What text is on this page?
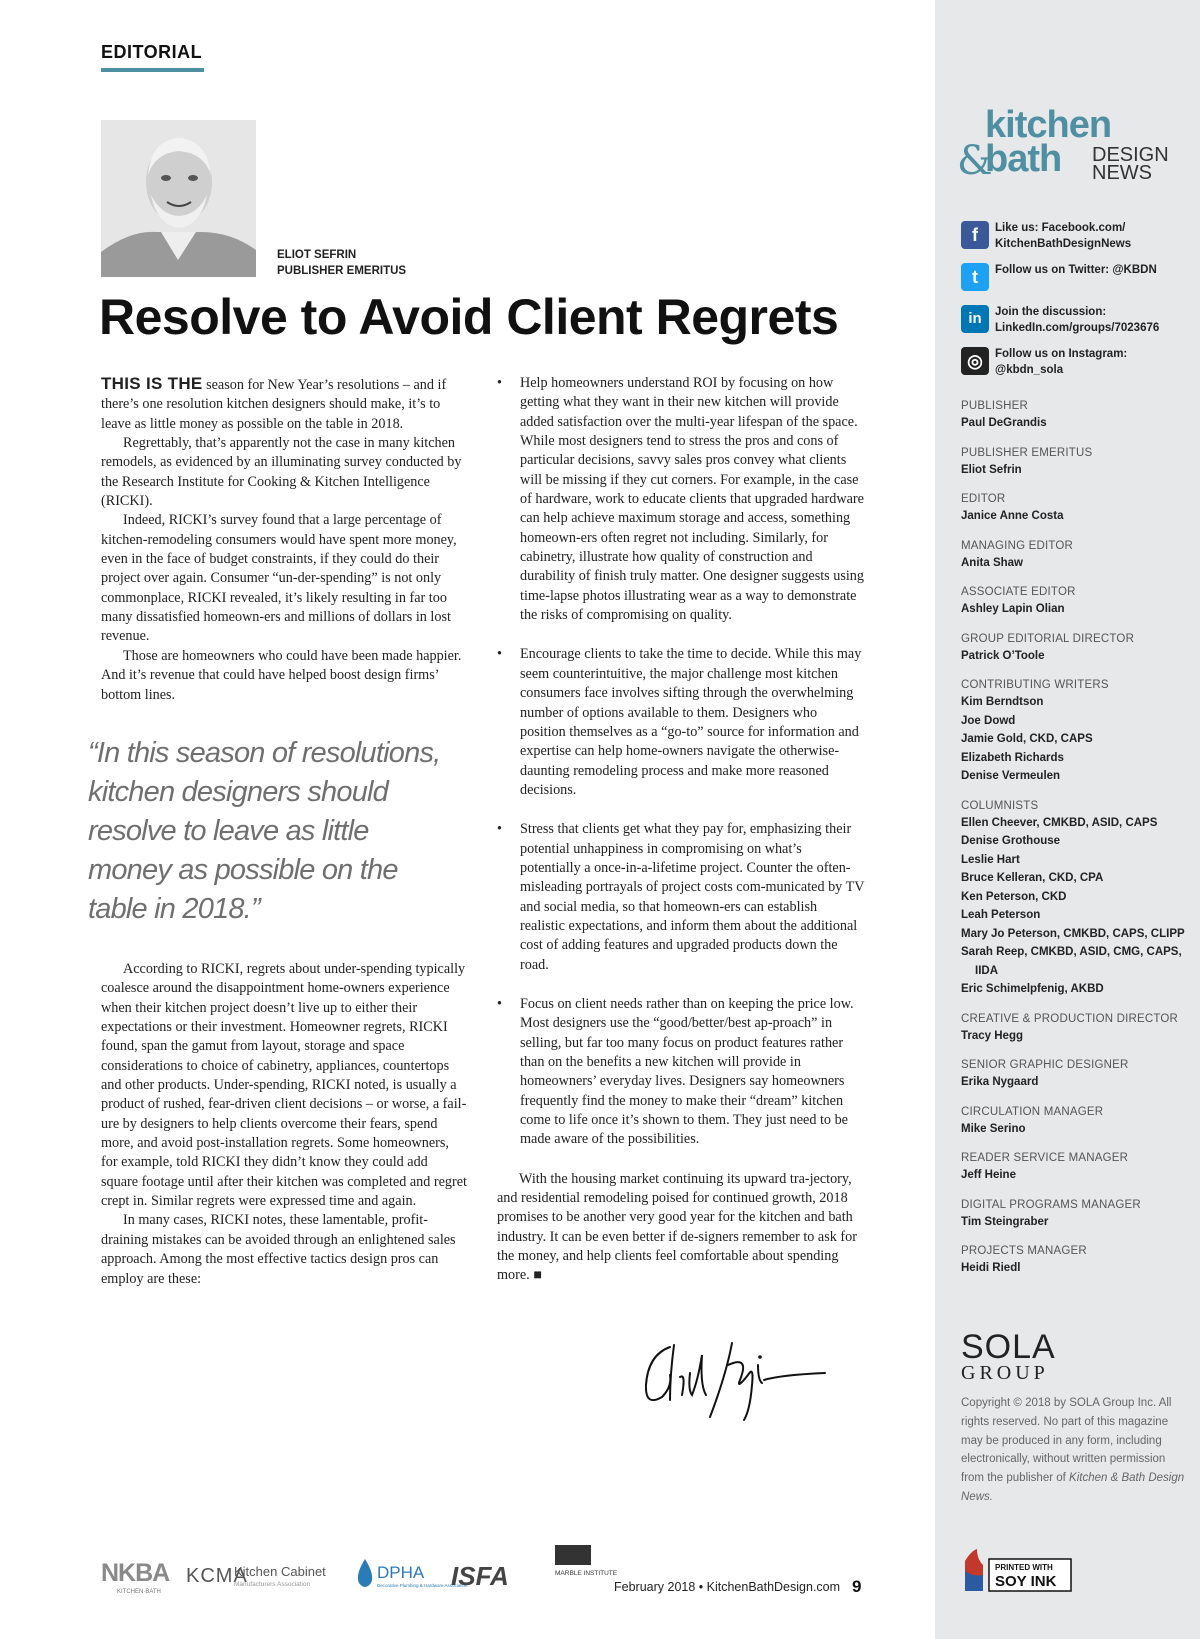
EDITORIAL
ELIOT SEFRIN
PUBLISHER EMERITUS
Resolve to Avoid Client Regrets

THIS IS THE season for New Year’s resolutions – and if there’s one resolution kitchen designers should make, it’s to leave as little money as possible on the table in 2018.

Regrettably, that’s apparently not the case in many kitchen remodels, as evidenced by an illuminating survey conducted by the Research Institute for Cooking & Kitchen Intelligence (RICKI).

Indeed, RICKI’s survey found that a large percentage of kitchen-remodeling consumers would have spent more money, even in the face of budget constraints, if they could do their project over again. Consumer “un-der-spending” is not only commonplace, RICKI revealed, it’s likely resulting in far too many dissatisfied homeown-ers and millions of dollars in lost revenue.

Those are homeowners who could have been made happier. And it’s revenue that could have helped boost design firms’ bottom lines.

“In this season of resolutions, kitchen designers should resolve to leave as little money as possible on the table in 2018.”

According to RICKI, regrets about under-spending typically coalesce around the disappointment home-owners experience when their kitchen project doesn’t live up to either their expectations or their investment. Homeowner regrets, RICKI found, span the gamut from layout, storage and space considerations to choice of cabinetry, appliances, countertops and other products. Under-spending, RICKI noted, is usually a product of rushed, fear-driven client decisions – or worse, a fail-ure by designers to help clients overcome their fears, spend more, and avoid post-installation regrets. Some homeowners, for example, told RICKI they didn’t know they could add square footage until after their kitchen was completed and regret crept in. Similar regrets were expressed time and again.

In many cases, RICKI notes, these lamentable, profit-draining mistakes can be avoided through an enlightened sales approach. Among the most effective tactics design pros can employ are these:

• Help homeowners understand ROI by focusing on how getting what they want in their new kitchen will provide added satisfaction over the multi-year lifespan of the space. While most designers tend to stress the pros and cons of particular decisions, savvy sales pros convey what clients will be missing if they cut corners. For example, in the case of hardware, work to educate clients that upgraded hardware can help achieve maximum storage and access, something homeown-ers often regret not including. Similarly, for cabinetry, illustrate how quality of construction and durability of finish truly matter. One designer suggests using time-lapse photos illustrating wear as a way to demonstrate the risks of compromising on quality.
• Encourage clients to take the time to decide. While this may seem counterintuitive, the major challenge most kitchen consumers face involves sifting through the overwhelming number of options available to them. Designers who position themselves as a “go-to” source for information and expertise can help home-owners navigate the otherwise-daunting remodeling process and make more reasoned decisions.
• Stress that clients get what they pay for, emphasizing their potential unhappiness in compromising on what’s potentially a once-in-a-lifetime project. Counter the often-misleading portrayals of project costs com-municated by TV and social media, so that homeown-ers can establish realistic expectations, and inform them about the additional cost of adding features and upgraded products down the road.
• Focus on client needs rather than on keeping the price low. Most designers use the “good/better/best ap-proach” in selling, but far too many focus on product features rather than on the benefits a new kitchen will provide in homeowners’ everyday lives. Designers say homeowners frequently find the money to make their “dream” kitchen come to life once it’s shown to them. They just need to be made aware of the possibilities.

With the housing market continuing its upward tra-jectory, and residential remodeling poised for continued growth, 2018 promises to be another very good year for the kitchen and bath industry. It can be even better if de-signers remember to ask for the money, and help clients feel comfortable about spending more. ■

NKBA
KITCHEN·BATH
KCMA
Kitchen Cabinet
Manufacturers Association
DPHA
Decorative Plumbing & Hardware Association
ISFA	MARBLE INSTITUTE
February 2018 • KitchenBathDesign.com 9
kitchen
&
bath DESIGN
NEWS
f	Like us: Facebook.com/ KitchenBathDesignNews
t	Follow us on Twitter: @KBDN
in	Join the discussion: LinkedIn.com/groups/7023676
◎	Follow us on Instagram: @kbdn_sola
PUBLISHER
Paul DeGrandis
PUBLISHER EMERITUS
Eliot Sefrin
EDITOR
Janice Anne Costa
MANAGING EDITOR
Anita Shaw
ASSOCIATE EDITOR
Ashley Lapin Olian
GROUP EDITORIAL DIRECTOR
Patrick O’Toole
CONTRIBUTING WRITERS
Kim Berndtson
Joe Dowd
Jamie Gold, CKD, CAPS
Elizabeth Richards
Denise Vermeulen
COLUMNISTS
Ellen Cheever, CMKBD, ASID, CAPS
Denise Grothouse
Leslie Hart
Bruce Kelleran, CKD, CPA
Ken Peterson, CKD
Leah Peterson
Mary Jo Peterson, CMKBD, CAPS, CLIPP
Sarah Reep, CMKBD, ASID, CMG, CAPS, IIDA
Eric Schimelpfenig, AKBD
CREATIVE & PRODUCTION DIRECTOR
Tracy Hegg
SENIOR GRAPHIC DESIGNER
Erika Nygaard
CIRCULATION MANAGER
Mike Serino
READER SERVICE MANAGER
Jeff Heine
DIGITAL PROGRAMS MANAGER
Tim Steingraber
PROJECTS MANAGER
Heidi Riedl
SOLA
GROUP
Copyright © 2018 by SOLA Group Inc. All rights reserved. No part of this magazine may be produced in any form, including electronically, without written permission from the publisher of Kitchen & Bath Design News.
PRINTED WITH
SOY INK
